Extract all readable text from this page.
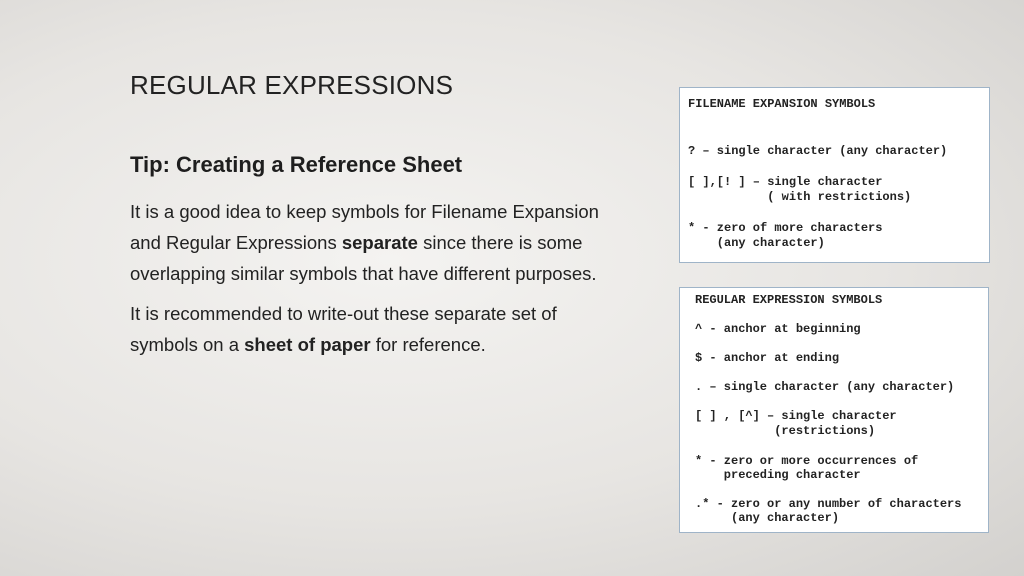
REGULAR EXPRESSIONS
Tip: Creating a Reference Sheet
It is a good idea to keep symbols for Filename Expansion
and Regular Expressions separate since there is some
overlapping similar symbols that have different purposes.
It is recommended to write-out these separate set of
symbols on a sheet of paper for reference.

FILENAME EXPANSION SYMBOLS

? – single character (any character)

[ ],[! ] – single character

( with restrictions)

* - zero of more characters

(any character)

REGULAR EXPRESSION SYMBOLS

^ - anchor at beginning

$ - anchor at ending

. – single character (any character)

[ ] , [^] – single character

(restrictions)

* - zero or more occurrences of

preceding character

.* - zero or any number of characters

(any character)
